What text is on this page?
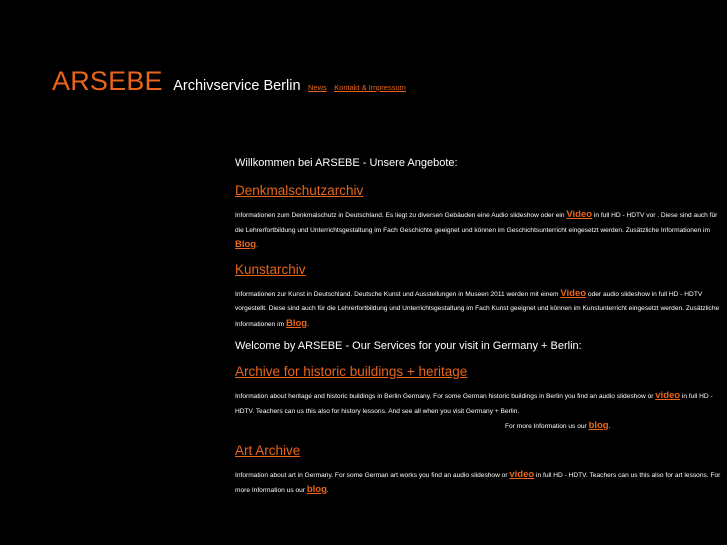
ARSEBE Archivservice Berlin News Kontakt & Impressum
Willkommen bei ARSEBE - Unsere Angebote:
Denkmalschutzarchiv
Informationen zum Denkmalschutz in Deutschland. Es liegt zu diversen Gebäuden eine Audio slideshow oder ein Video in full HD - HDTV vor . Diese sind auch für die Lehrerfortbildung und Unterrichtsgestaltung im Fach Geschichte geeignet und können im Geschichtsunterricht eingesetzt werden. Zusätzliche Informationen im Blog.
Kunstarchiv
Informationen zur Kunst in Deutschland. Deutsche Kunst und Ausstellungen in Museen 2011 werden mit einem Video oder audio slideshow in full HD - HDTV vorgestellt. Diese sind auch für die Lehrerfortbildung und Unterrichtsgestaltung im Fach Kunst geeignet und können im Kunstunterricht eingesetzt werden. Zusätzliche Informationen im Blog.
Welcome by ARSEBE - Our Services for your visit in Germany + Berlin:
Archive for historic buildings + heritage
Information about heritage and historic buildings in Berlin Germany. For some German historic buildings in Berlin you find an audio slideshow or video in full HD - HDTV. Teachers can us this also for history lessons. And see all when you visit Germany + Berlin.
For more Information us our blog.
Art Archive
Information about art in Germany. For some German art works you find an audio slideshow or video in full HD - HDTV. Teachers can us this also for art lessons. For more Information us our blog.
